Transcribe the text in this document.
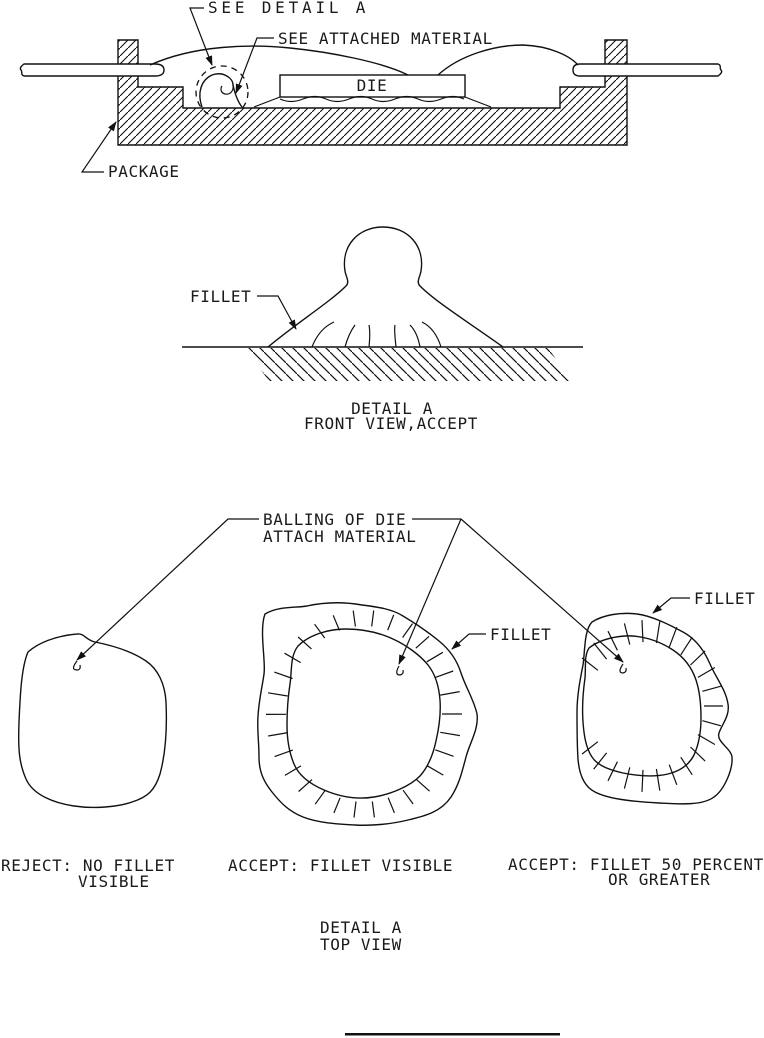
SEE DETAIL A
SEE ATTACHED MATERIAL
DIE
PACKAGE
FILLET
DETAIL A
FRONT VIEW,ACCEPT
BALLING OF DIE
ATTACH MATERIAL
FILLET
FILLET
REJECT: NO FILLET
VISIBLE
ACCEPT: FILLET VISIBLE	ACCEPT: FILLET 50 PERCENT
OR GREATER
DETAIL A
TOP VIEW
